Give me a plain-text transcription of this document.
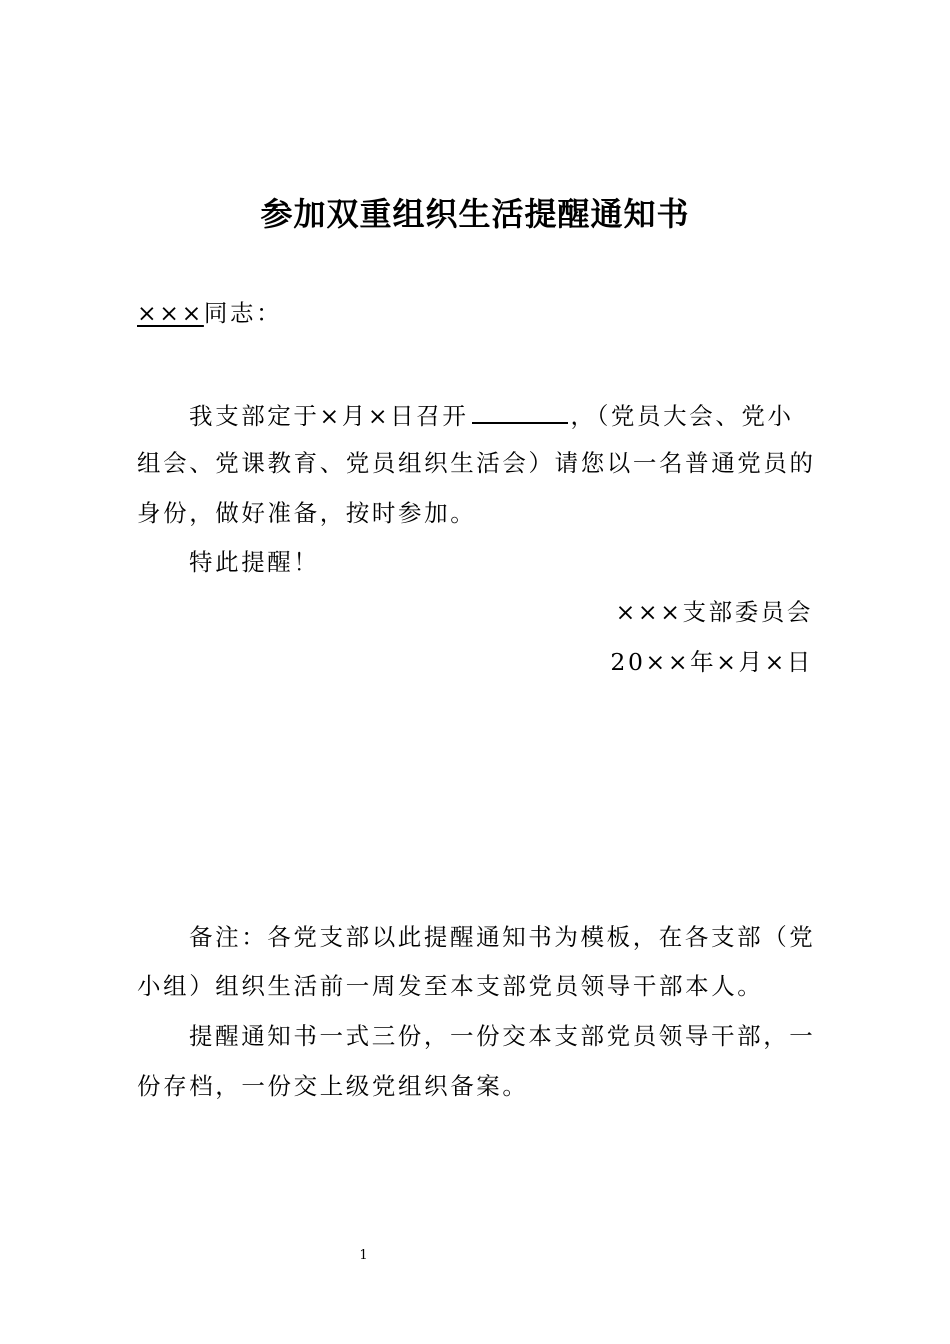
参加双重组织生活提醒通知书
×××同志：
我支部定于×月×日召开	，（党员大会、党小
组会、党课教育、党员组织生活会）请您以一名普通党员的
身份，做好准备，按时参加。
特此提醒！
×××支部委员会
20××年×月×日
备注：各党支部以此提醒通知书为模板，在各支部（党
小组）组织生活前一周发至本支部党员领导干部本人。
提醒通知书一式三份，一份交本支部党员领导干部，一
份存档，一份交上级党组织备案。
1
